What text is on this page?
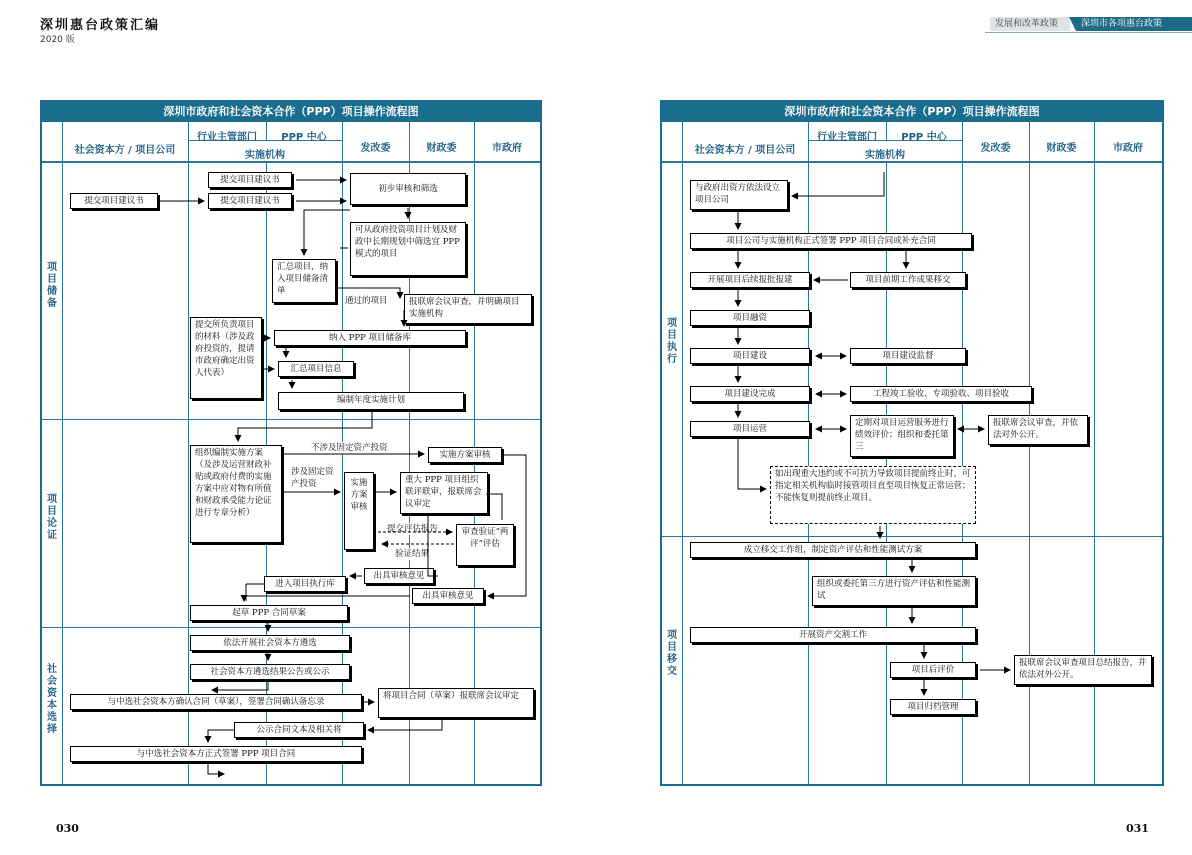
深圳惠台政策汇编
2020 版
发展和改革政策	深圳市各项惠台政策
深圳市政府和社会资本合作（PPP）项目操作流程图
社会资本方 / 项目公司
行业主管部门	PPP 中心
实施机构
发改委	财政委	市政府
项目储备
项目论证
社会资本选择
提交项目建议书
提交项目建议书	提交项目建议书
初步审核和筛选
可从政府投资项目计划及财政中长期规划中筛选宜 PPP 模式的项目
汇总项目，纳入项目储备清单
报联席会议审查，并明确项目实施机构
提交所负责项目的材料（涉及政府投资的，提请市政府确定出资人代表）
纳入 PPP 项目储备库
汇总项目信息
编制年度实施计划
组织编制实施方案（及涉及运营财政补贴或政府付费的实施方案中应对物有所值和财政承受能力论证进行专章分析）
实施方案审核
实施方案审核
重大 PPP 项目组织联评联审，报联席会议审定
审查验证“两评”评估
出具审核意见
出具审核意见
进入项目执行库
起草 PPP 合同草案
依法开展社会资本方遴选
社会资本方遴选结果公告或公示
与中选社会资本方确认合同（草案），签署合同确认备忘录
将项目合同（草案）报联席会议审定
公示合同文本及相关将
与中选社会资本方正式签署 PPP 项目合同
通过的项目
不涉及固定资产投资
涉及固定资产投资
提交评估报告
验证结果
深圳市政府和社会资本合作（PPP）项目操作流程图
社会资本方 / 项目公司
行业主管部门	PPP 中心
实施机构
发改委	财政委	市政府
项目执行
项目移交
与政府出资方依法设立项目公司
项目公司与实施机构正式签署 PPP 项目合同或补充合同
开展项目后续报批报建	项目前期工作成果移交
项目融资
项目建设	项目建设监督
项目建设完成	工程竣工验收、专项验收、项目验收
项目运营
定期对项目运营服务进行绩效评价；组织和委托第三
报联席会议审查，并依法对外公开。
如出现重大违约或不可抗力导致项目提前终止时，可指定相关机构临时接管项目直至项目恢复正常运营；不能恢复则提前终止项目。
成立移交工作组，制定资产评估和性能测试方案
组织或委托第三方进行资产评估和性能测试
开展资产交割工作
项目后评价
报联席会议审查项目总结报告，并依法对外公开。
项目归档管理
030	031
